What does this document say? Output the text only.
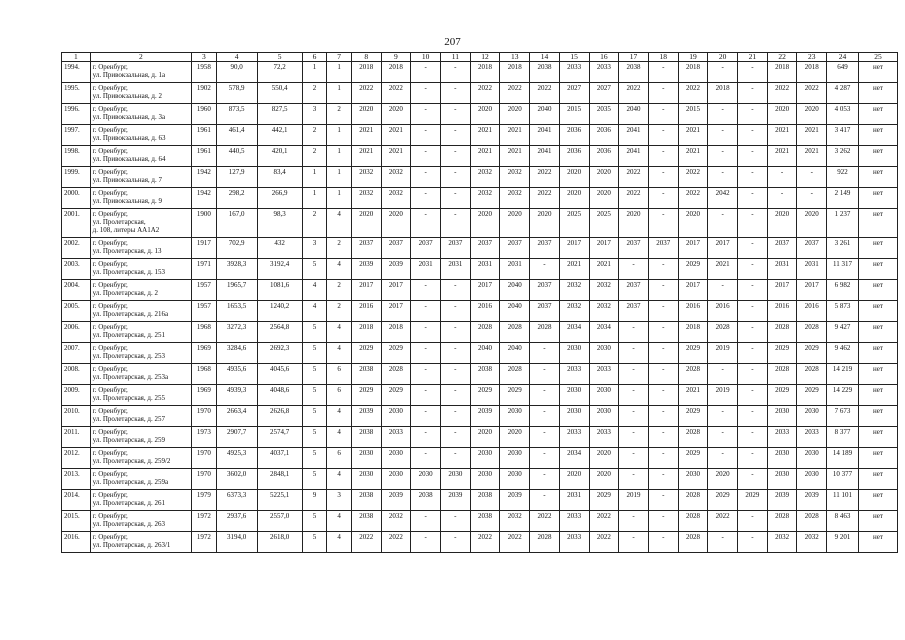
207
1	2	3	4	5	6	7	8	9	10	11	12	13	14	15	16	17	18	19	20	21	22	23	24	25
1994.	г. Оренбург,
ул. Привокзальная, д. 1а	1958	90,0	72,2	1	1	2018	2018	-	-	2018	2018	2038	2033	2033	2038	-	2018	-	-	2018	2018	649	нет
1995.	г. Оренбург,
ул. Привокзальная, д. 2	1902	578,9	550,4	2	1	2022	2022	-	-	2022	2022	2022	2027	2027	2022	-	2022	2018	-	2022	2022	4 287	нет
1996.	г. Оренбург,
ул. Привокзальная, д. 3а	1960	873,5	827,5	3	2	2020	2020	-	-	2020	2020	2040	2015	2035	2040	-	2015	-	-	2020	2020	4 053	нет
1997.	г. Оренбург,
ул. Привокзальная, д. 63	1961	461,4	442,1	2	1	2021	2021	-	-	2021	2021	2041	2036	2036	2041	-	2021	-	-	2021	2021	3 417	нет
1998.	г. Оренбург,
ул. Привокзальная, д. 64	1961	440,5	420,1	2	1	2021	2021	-	-	2021	2021	2041	2036	2036	2041	-	2021	-	-	2021	2021	3 262	нет
1999.	г. Оренбург,
ул. Привокзальная, д. 7	1942	127,9	83,4	1	1	2032	2032	-	-	2032	2032	2022	2020	2020	2022	-	2022	-	-	-	-	922	нет
2000.	г. Оренбург,
ул. Привокзальная, д. 9	1942	298,2	266,9	1	1	2032	2032	-	-	2032	2032	2022	2020	2020	2022	-	2022	2042	-	-	-	2 149	нет
2001.	г. Оренбург,
ул. Пролетарская,
д. 108, литеры АА1А2	1900	167,0	98,3	2	4	2020	2020	-	-	2020	2020	2020	2025	2025	2020	-	2020	-	-	2020	2020	1 237	нет
2002.	г. Оренбург,
ул. Пролетарская, д. 13	1917	702,9	432	3	2	2037	2037	2037	2037	2037	2037	2037	2017	2017	2037	2037	2017	2017	-	2037	2037	3 261	нет
2003.	г. Оренбург,
ул. Пролетарская, д. 153	1971	3928,3	3192,4	5	4	2039	2039	2031	2031	2031	2031	-	2021	2021	-	-	2029	2021	-	2031	2031	11 317	нет
2004.	г. Оренбург,
ул. Пролетарская, д. 2	1957	1965,7	1081,6	4	2	2017	2017	-	-	2017	2040	2037	2032	2032	2037	-	2017	-	-	2017	2017	6 982	нет
2005.	г. Оренбург,
ул. Пролетарская, д. 216а	1957	1653,5	1240,2	4	2	2016	2017	-	-	2016	2040	2037	2032	2032	2037	-	2016	2016	-	2016	2016	5 873	нет
2006.	г. Оренбург,
ул. Пролетарская, д. 251	1968	3272,3	2564,8	5	4	2018	2018	-	-	2028	2028	2028	2034	2034	-	-	2018	2028	-	2028	2028	9 427	нет
2007.	г. Оренбург,
ул. Пролетарская, д. 253	1969	3284,6	2692,3	5	4	2029	2029	-	-	2040	2040	-	2030	2030	-	-	2029	2019	-	2029	2029	9 462	нет
2008.	г. Оренбург,
ул. Пролетарская, д. 253а	1968	4935,6	4045,6	5	6	2038	2028	-	-	2038	2028	-	2033	2033	-	-	2028	-	-	2028	2028	14 219	нет
2009.	г. Оренбург,
ул. Пролетарская, д. 255	1969	4939,3	4048,6	5	6	2029	2029	-	-	2029	2029	-	2030	2030	-	-	2021	2019	-	2029	2029	14 229	нет
2010.	г. Оренбург,
ул. Пролетарская, д. 257	1970	2663,4	2626,8	5	4	2039	2030	-	-	2039	2030	-	2030	2030	-	-	2029	-	-	2030	2030	7 673	нет
2011.	г. Оренбург,
ул. Пролетарская, д. 259	1973	2907,7	2574,7	5	4	2038	2033	-	-	2020	2020	-	2033	2033	-	-	2028	-	-	2033	2033	8 377	нет
2012.	г. Оренбург,
ул. Пролетарская, д. 259/2	1970	4925,3	4037,1	5	6	2030	2030	-	-	2030	2030	-	2034	2020	-	-	2029	-	-	2030	2030	14 189	нет
2013.	г. Оренбург,
ул. Пролетарская, д. 259а	1970	3602,0	2848,1	5	4	2030	2030	2030	2030	2030	2030	-	2020	2020	-	-	2030	2020	-	2030	2030	10 377	нет
2014.	г. Оренбург,
ул. Пролетарская, д. 261	1979	6373,3	5225,1	9	3	2038	2039	2038	2039	2038	2039	-	2031	2029	2019	-	2028	2029	2029	2039	2039	11 101	нет
2015.	г. Оренбург,
ул. Пролетарская, д. 263	1972	2937,6	2557,0	5	4	2038	2032	-	-	2038	2032	2022	2033	2022	-	-	2028	2022	-	2028	2028	8 463	нет
2016.	г. Оренбург,
ул. Пролетарская, д. 263/1	1972	3194,0	2618,0	5	4	2022	2022	-	-	2022	2022	2028	2033	2022	-	-	2028	-	-	2032	2032	9 201	нет
